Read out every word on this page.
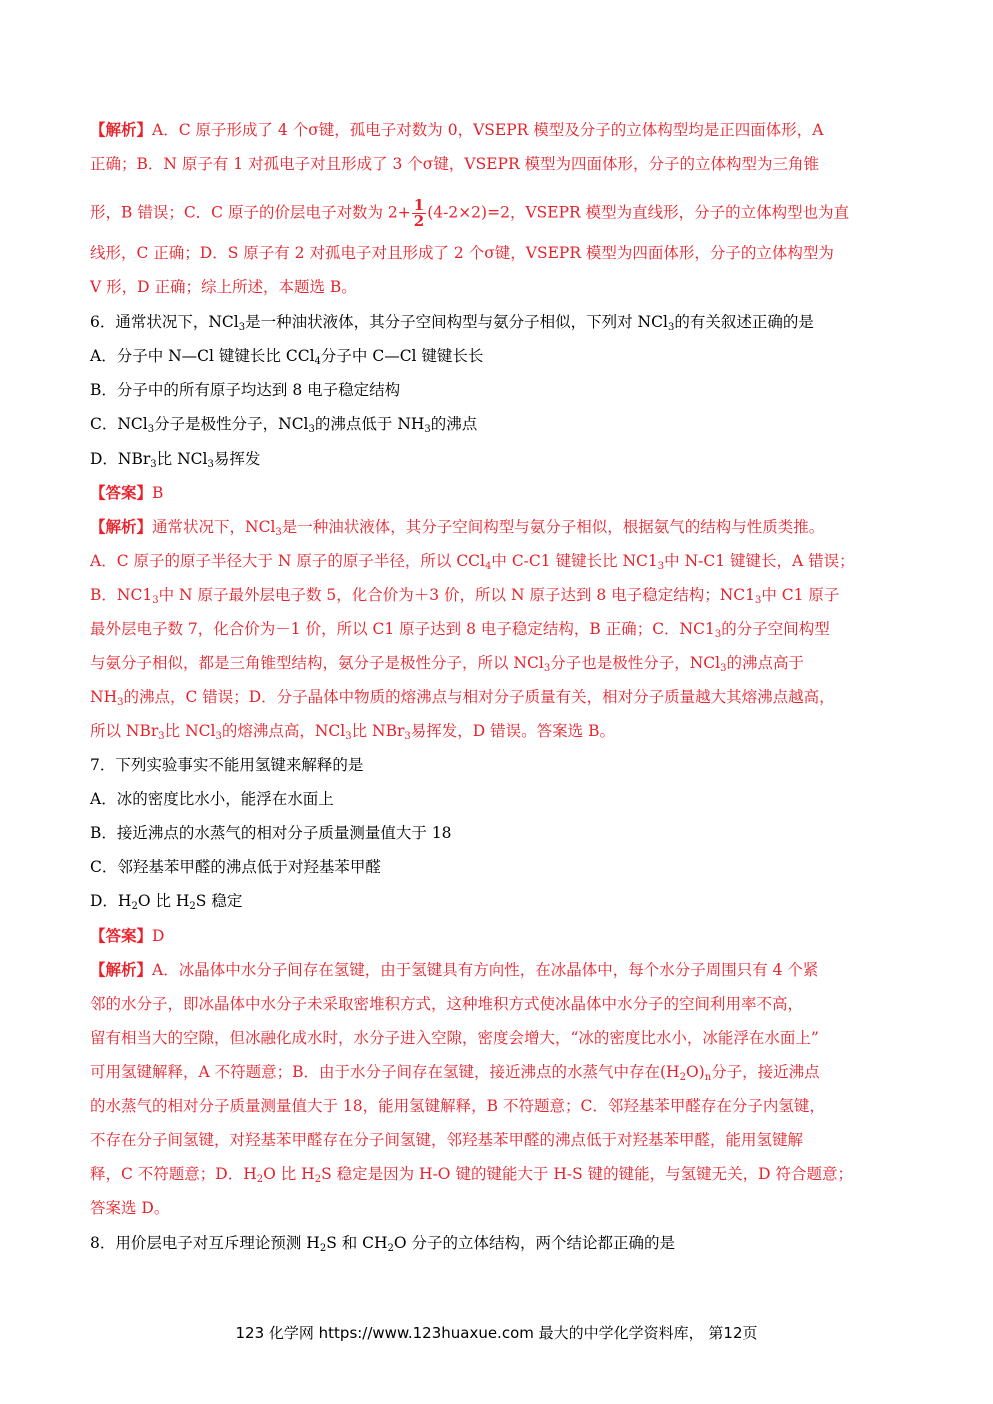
【解析】A．C 原子形成了 4 个σ键，孤电子对数为 0，VSEPR 模型及分子的立体构型均是正四面体形，A
正确；B．N 原子有 1 对孤电子对且形成了 3 个σ键，VSEPR 模型为四面体形，分子的立体构型为三角锥
形，B 错误；C．C 原子的价层电子对数为 $2+ \frac{1}{2} (4-2\times 2)=2$，VSEPR 模型为直线形，分子的立体构型也为直
线形，C 正确；D．S 原子有 2 对孤电子对且形成了 2 个σ键，VSEPR 模型为四面体形，分子的立体构型为
V 形，D 正确；综上所述，本题选 B。
6．通常状况下，NCl$_3$是一种油状液体，其分子空间构型与氨分子相似，下列对 NCl$_3$的有关叙述正确的是
A．分子中 N—Cl 键键长比 CCl$_4$分子中 C—Cl 键键长长
B．分子中的所有原子均达到 8 电子稳定结构
C．NCl$_3$分子是极性分子，NCl$_3$的沸点低于 $NH_3$的沸点
D．NBr$_3$比 NCl$_3$易挥发
【答案】B
【解析】通常状况下，NCl$_3$是一种油状液体，其分子空间构型与氨分子相似，根据氨气的结构与性质类推。
A．C 原子的原子半径大于 N 原子的原子半径，所以 CCl$_4$中 C-C1 键键长比 $NC1_3$中 N-C1 键键长，A 错误；
B．$NC1_3$中 N 原子最外层电子数 5，化合价为＋3 价，所以 N 原子达到 8 电子稳定结构；$NC1_3$中 C1 原子
最外层电子数 7，化合价为－1 价，所以 C1 原子达到 8 电子稳定结构，B 正确；C．$NC1_3$的分子空间构型
与氨分子相似，都是三角锥型结构，氨分子是极性分子，所以 NCl$_3$分子也是极性分子，NCl$_3$的沸点高于
$NH_3$的沸点，C 错误；D．分子晶体中物质的熔沸点与相对分子质量有关，相对分子质量越大其熔沸点越高，
所以 NBr$_3$比 NCl$_3$的熔沸点高，NCl$_3$比 NBr$_3$易挥发，D 错误。答案选 B。
7．下列实验事实不能用氢键来解释的是
A．冰的密度比水小，能浮在水面上
B．接近沸点的水蒸气的相对分子质量测量值大于 18
C．邻羟基苯甲醛的沸点低于对羟基苯甲醛
D．$H_2O$ 比 $H_2S$ 稳定
【答案】D
【解析】A．冰晶体中水分子间存在氢键，由于氢键具有方向性，在冰晶体中，每个水分子周围只有 4 个紧
邻的水分子，即冰晶体中水分子未采取密堆积方式，这种堆积方式使冰晶体中水分子的空间利用率不高，
留有相当大的空隙，但冰融化成水时，水分子进入空隙，密度会增大，“冰的密度比水小，冰能浮在水面上”
可用氢键解释，A 不符题意；B．由于水分子间存在氢键，接近沸点的水蒸气中存在$(H_2O)_n$分子，接近沸点
的水蒸气的相对分子质量测量值大于 18，能用氢键解释，B 不符题意；C．邻羟基苯甲醛存在分子内氢键，
不存在分子间氢键，对羟基苯甲醛存在分子间氢键，邻羟基苯甲醛的沸点低于对羟基苯甲醛，能用氢键解
释，C 不符题意；D．$H_2O$ 比 $H_2S$ 稳定是因为 H-O 键的键能大于 H-S 键的键能，与氢键无关，D 符合题意；
答案选 D。
8．用价层电子对互斥理论预测 $H_2S$ 和 $CH_2O$ 分子的立体结构，两个结论都正确的是
123 化学网 https://www.123huaxue.com 最大的中学化学资料库， 第12页
